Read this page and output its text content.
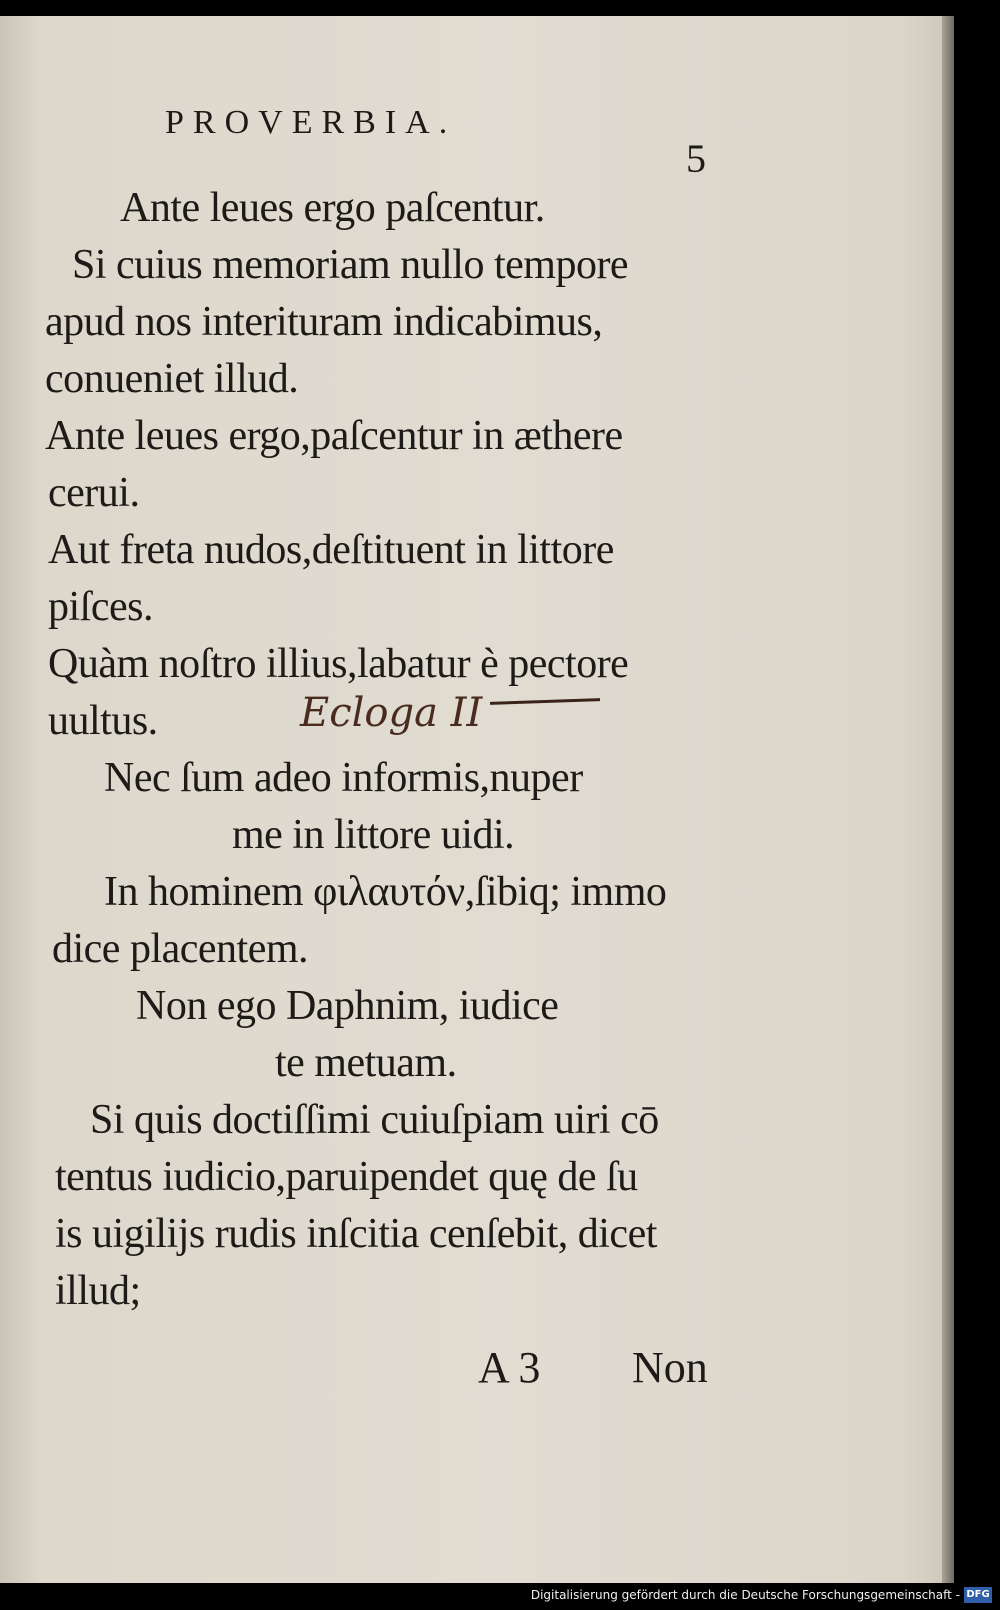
PROVERBIA.
5
Ante leues ergo paſcentur.
Si cuius memoriam nullo tempore
apud nos interituram indicabimus,
conueniet illud.
Ante leues ergo,paſcentur in æthere
cerui.
Aut freta nudos,deſtituent in littore
piſces.
Quàm noſtro illius,labatur è pectore
uultus.
Nec ſum adeo informis,nuper
me in littore uidi.
In hominem φιλαυτόν,ſibiq; immo
dice placentem.
Non ego Daphnim, iudice
te metuam.
Si quis doctiſſimi cuiuſpiam uiri cō
tentus iudicio,paruipendet quę de ſu
is uigilijs rudis inſcitia cenſebit, dicet
illud;
Ecloga II
A 3 Non
Digitalisierung gefördert durch die Deutsche Forschungsgemeinschaft - DFG
